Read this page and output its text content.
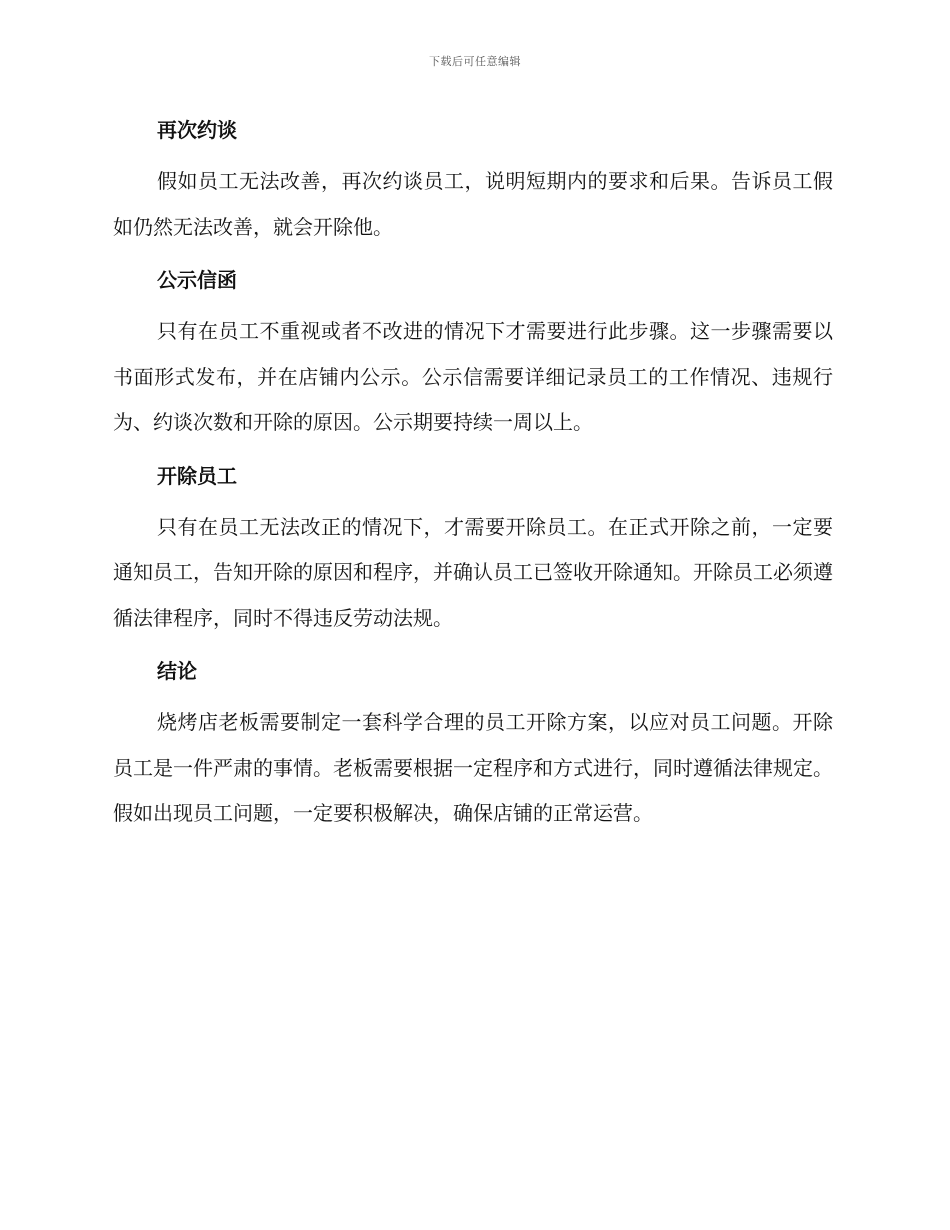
下载后可任意编辑
再次约谈

假如员工无法改善，再次约谈员工，说明短期内的要求和后果。告诉员工假如仍然无法改善，就会开除他。

公示信函

只有在员工不重视或者不改进的情况下才需要进行此步骤。这一步骤需要以书面形式发布，并在店铺内公示。公示信需要详细记录员工的工作情况、违规行为、约谈次数和开除的原因。公示期要持续一周以上。

开除员工

只有在员工无法改正的情况下，才需要开除员工。在正式开除之前，一定要通知员工，告知开除的原因和程序，并确认员工已签收开除通知。开除员工必须遵循法律程序，同时不得违反劳动法规。

结论

烧烤店老板需要制定一套科学合理的员工开除方案，以应对员工问题。开除员工是一件严肃的事情。老板需要根据一定程序和方式进行，同时遵循法律规定。假如出现员工问题，一定要积极解决，确保店铺的正常运营。
